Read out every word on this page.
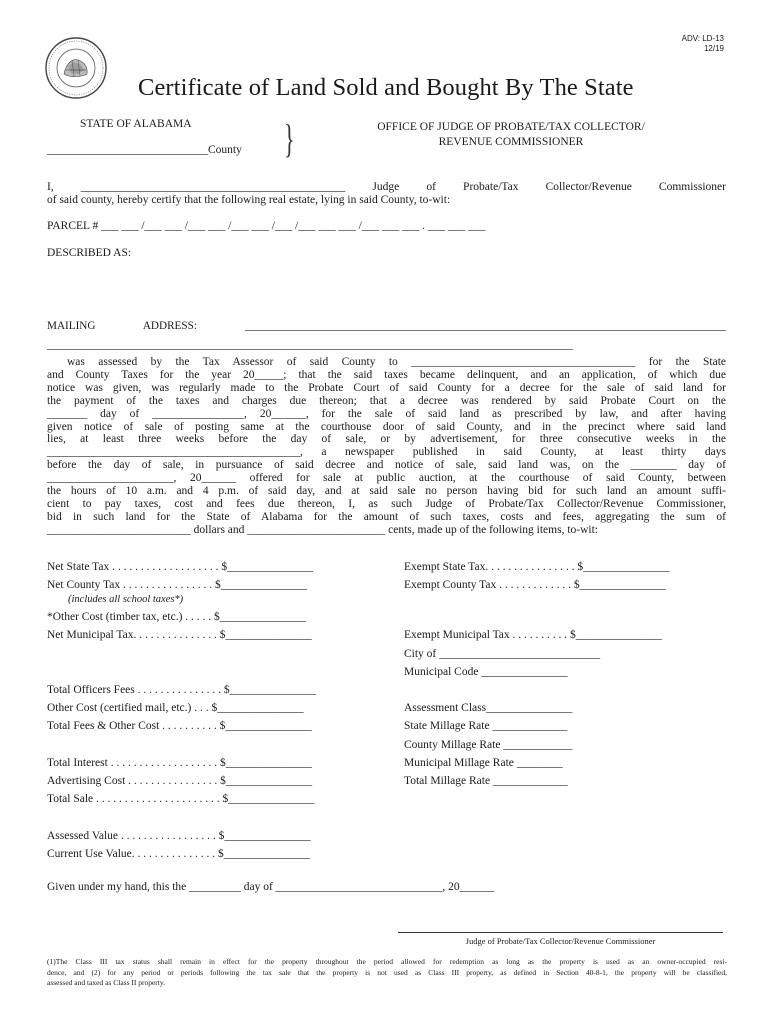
ADV: LD-13
12/19
Certificate of Land Sold and Bought By The State
STATE OF ALABAMA
____________________________County }	OFFICE OF JUDGE OF PROBATE/TAX COLLECTOR/
REVENUE COMMISSIONER
I, ______________________________________________ Judge of Probate/Tax Collector/Revenue Commissioner
of said county, hereby certify that the following real estate, lying in said County, to-wit:
PARCEL # ___ ___ /___ ___ /___ ___ /___ ___ /___ /___ ___ ___ /___ ___ ___ . ___ ___ ___
DESCRIBED AS:
MAILING ADDRESS: ______________________________________________________________________________________
______________________________________________________________________________________________
was assessed by the Tax Assessor of said County to _______________________________________ for the State
and County Taxes for the year 20_____; that the said taxes became delinquent, and an application, of which due
notice was given, was regularly made to the Probate Court of said County for a decree for the sale of said land for
the payment of the taxes and charges due thereon; that a decree was rendered by said Probate Court on the
_______ day of ________________, 20______, for the sale of said land as prescribed by law, and after having
given notice of sale of posting same at the courthouse door of said County, and in the precinct where said land
lies, at least three weeks before the day of sale, or by advertisement, for three consecutive weeks in the
____________________________________________, a newspaper published in said County, at least thirty days
before the day of sale, in pursuance of said decree and notice of sale, said land was, on the ________ day of
______________________, 20______ offered for sale at public auction, at the courthouse of said County, between
the hours of 10 a.m. and 4 p.m. of said day, and at said sale no person having bid for such land an amount suffi-
cient to pay taxes, cost and fees due thereon, I, as such Judge of Probate/Tax Collector/Revenue Commissioner,
bid in such land for the State of Alabama for the amount of such taxes, costs and fees, aggregating the sum of
_________________________ dollars and ________________________ cents, made up of the following items, to-wit:
Net State Tax . . . . . . . . . . . . . . . . . . . $_______________
Net County Tax . . . . . . . . . . . . . . . . $_______________
*Other Cost (timber tax, etc.) . . . . . $_______________
Net Municipal Tax. . . . . . . . . . . . . . . $_______________
Total Officers Fees . . . . . . . . . . . . . . . $_______________
Other Cost (certified mail, etc.) . . . $_______________
Total Fees & Other Cost . . . . . . . . . . $_______________
Total Interest . . . . . . . . . . . . . . . . . . . $_______________
Advertising Cost . . . . . . . . . . . . . . . . $_______________
Total Sale . . . . . . . . . . . . . . . . . . . . . . $_______________
Assessed Value . . . . . . . . . . . . . . . . . $_______________
Current Use Value. . . . . . . . . . . . . . . $_______________
(includes all school taxes*)
Exempt State Tax. . . . . . . . . . . . . . . . $_______________
Exempt County Tax . . . . . . . . . . . . . $_______________
Exempt Municipal Tax . . . . . . . . . . $_______________
City of ____________________________
Municipal Code _______________
Assessment Class_______________
State Millage Rate _____________
County Millage Rate ____________
Municipal Millage Rate ________
Total Millage Rate _____________
Given under my hand, this the _________ day of _____________________________, 20______
Judge of Probate/Tax Collector/Revenue Commissioner
(1)The Class III tax status shall remain in effect for the property throughout the period allowed for redemption as long as the property is used as an owner-occupied resi-
dence, and (2) for any period or periods following the tax sale that the property is not used as Class III property, as defined in Section 40-8-1, the property will be classified,
assessed and taxed as Class II property.
